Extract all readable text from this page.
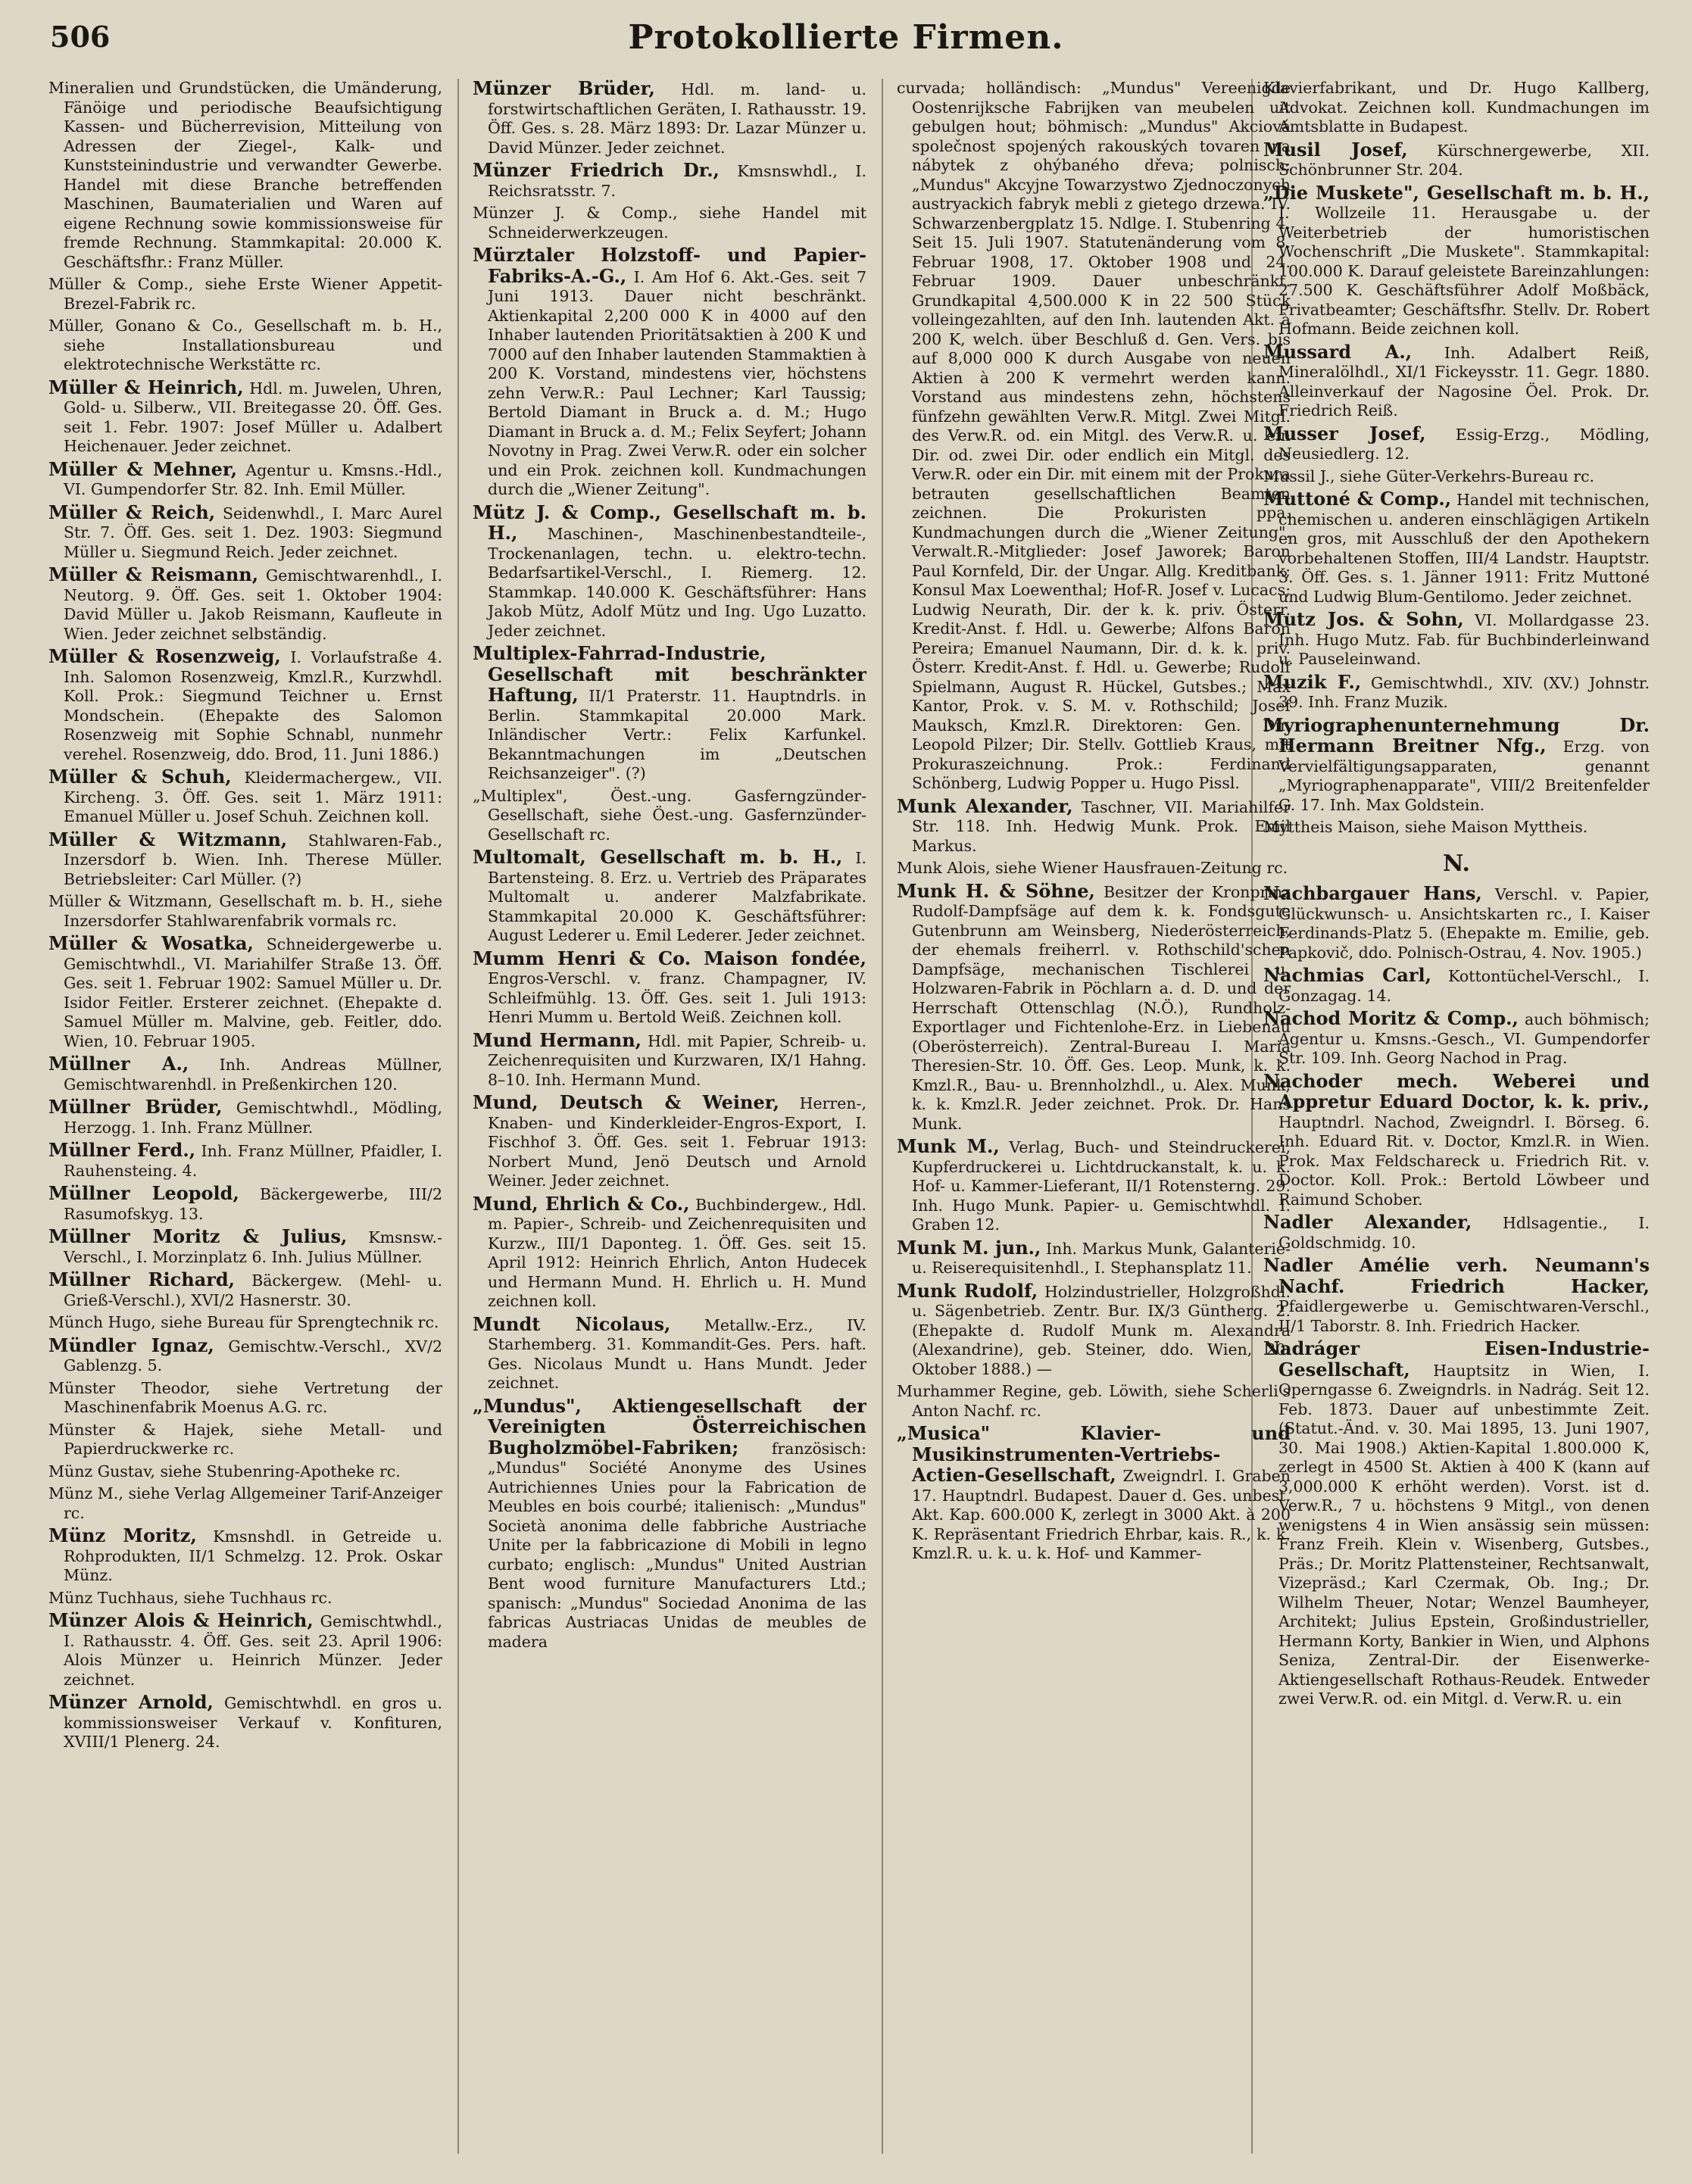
506	Protokollierte Firmen.

Mineralien und Grundstücken, die Umänderung, Fänöige und periodische Beaufsichtigung Kassen- und Bücherrevision, Mitteilung von Adressen der Ziegel-, Kalk- und Kunststeinindustrie und verwandter Gewerbe. Handel mit diese Branche betreffenden Maschinen, Baumaterialien und Waren auf eigene Rechnung sowie kommissionsweise für fremde Rechnung. Stammkapital: 20.000 K. Geschäftsfhr.: Franz Müller.

Müller & Comp., siehe Erste Wiener Appetit-Brezel-Fabrik rc.

Müller, Gonano & Co., Gesellschaft m. b. H., siehe Installationsbureau und elektrotechnische Werkstätte rc.

Müller & Heinrich, Hdl. m. Juwelen, Uhren, Gold- u. Silberw., VII. Breitegasse 20. Öff. Ges. seit 1. Febr. 1907: Josef Müller u. Adalbert Heichenauer. Jeder zeichnet.

Müller & Mehner, Agentur u. Kmsns.-Hdl., VI. Gumpendorfer Str. 82. Inh. Emil Müller.

Müller & Reich, Seidenwhdl., I. Marc Aurel Str. 7. Öff. Ges. seit 1. Dez. 1903: Siegmund Müller u. Siegmund Reich. Jeder zeichnet.

Müller & Reismann, Gemischtwarenhdl., I. Neutorg. 9. Öff. Ges. seit 1. Oktober 1904: David Müller u. Jakob Reismann, Kaufleute in Wien. Jeder zeichnet selbständig.

Müller & Rosenzweig, I. Vorlaufstraße 4. Inh. Salomon Rosenzweig, Kmzl.R., Kurzwhdl. Koll. Prok.: Siegmund Teichner u. Ernst Mondschein. (Ehepakte des Salomon Rosenzweig mit Sophie Schnabl, nunmehr verehel. Rosenzweig, ddo. Brod, 11. Juni 1886.)

Müller & Schuh, Kleidermachergew., VII. Kircheng. 3. Öff. Ges. seit 1. März 1911: Emanuel Müller u. Josef Schuh. Zeichnen koll.

Müller & Witzmann, Stahlwaren-Fab., Inzersdorf b. Wien. Inh. Therese Müller. Betriebsleiter: Carl Müller. (?)

Müller & Witzmann, Gesellschaft m. b. H., siehe Inzersdorfer Stahlwarenfabrik vormals rc.

Müller & Wosatka, Schneidergewerbe u. Gemischtwhdl., VI. Mariahilfer Straße 13. Öff. Ges. seit 1. Februar 1902: Samuel Müller u. Dr. Isidor Feitler. Ersterer zeichnet. (Ehepakte d. Samuel Müller m. Malvine, geb. Feitler, ddo. Wien, 10. Februar 1905.

Müllner A., Inh. Andreas Müllner, Gemischtwarenhdl. in Preßenkirchen 120.

Müllner Brüder, Gemischtwhdl., Mödling, Herzogg. 1. Inh. Franz Müllner.

Müllner Ferd., Inh. Franz Müllner, Pfaidler, I. Rauhensteing. 4.

Müllner Leopold, Bäckergewerbe, III/2 Rasumofskyg. 13.

Müllner Moritz & Julius, Kmsnsw.-Verschl., I. Morzinplatz 6. Inh. Julius Müllner.

Müllner Richard, Bäckergew. (Mehl- u. Grieß-Verschl.), XVI/2 Hasnerstr. 30.

Münch Hugo, siehe Bureau für Sprengtechnik rc.

Mündler Ignaz, Gemischtw.-Verschl., XV/2 Gablenzg. 5.

Münster Theodor, siehe Vertretung der Maschinenfabrik Moenus A.G. rc.

Münster & Hajek, siehe Metall- und Papierdruckwerke rc.

Münz Gustav, siehe Stubenring-Apotheke rc.

Münz M., siehe Verlag Allgemeiner Tarif-Anzeiger rc.

Münz Moritz, Kmsnshdl. in Getreide u. Rohprodukten, II/1 Schmelzg. 12. Prok. Oskar Münz.

Münz Tuchhaus, siehe Tuchhaus rc.

Münzer Alois & Heinrich, Gemischtwhdl., I. Rathausstr. 4. Öff. Ges. seit 23. April 1906: Alois Münzer u. Heinrich Münzer. Jeder zeichnet.

Münzer Arnold, Gemischtwhdl. en gros u. kommissionsweiser Verkauf v. Konfituren, XVIII/1 Plenerg. 24.

Münzer Brüder, Hdl. m. land- u. forstwirtschaftlichen Geräten, I. Rathausstr. 19. Öff. Ges. s. 28. März 1893: Dr. Lazar Münzer u. David Münzer. Jeder zeichnet.

Münzer Friedrich Dr., Kmsnswhdl., I. Reichsratsstr. 7.

Münzer J. & Comp., siehe Handel mit Schneiderwerkzeugen.

Mürztaler Holzstoff- und Papier-Fabriks-A.-G., I. Am Hof 6. Akt.-Ges. seit 7 Juni 1913. Dauer nicht beschränkt. Aktienkapital 2,200 000 K in 4000 auf den Inhaber lautenden Prioritätsaktien à 200 K und 7000 auf den Inhaber lautenden Stammaktien à 200 K. Vorstand, mindestens vier, höchstens zehn Verw.R.: Paul Lechner; Karl Taussig; Bertold Diamant in Bruck a. d. M.; Hugo Diamant in Bruck a. d. M.; Felix Seyfert; Johann Novotny in Prag. Zwei Verw.R. oder ein solcher und ein Prok. zeichnen koll. Kundmachungen durch die „Wiener Zeitung".

Mütz J. & Comp., Gesellschaft m. b. H., Maschinen-, Maschinenbestandteile-, Trockenanlagen, techn. u. elektro-techn. Bedarfsartikel-Verschl., I. Riemerg. 12. Stammkap. 140.000 K. Geschäftsführer: Hans Jakob Mütz, Adolf Mütz und Ing. Ugo Luzatto. Jeder zeichnet.

Multiplex-Fahrrad-Industrie, Gesellschaft mit beschränkter Haftung, II/1 Praterstr. 11. Hauptndrls. in Berlin. Stammkapital 20.000 Mark. Inländischer Vertr.: Felix Karfunkel. Bekanntmachungen im „Deutschen Reichsanzeiger". (?)

„Multiplex", Öest.-ung. Gasferngzünder-Gesellschaft, siehe Öest.-ung. Gasfernzünder-Gesellschaft rc.

Multomalt, Gesellschaft m. b. H., I. Bartensteing. 8. Erz. u. Vertrieb des Präparates Multomalt u. anderer Malzfabrikate. Stammkapital 20.000 K. Geschäftsführer: August Lederer u. Emil Lederer. Jeder zeichnet.

Mumm Henri & Co. Maison fondée, Engros-Verschl. v. franz. Champagner, IV. Schleifmühlg. 13. Öff. Ges. seit 1. Juli 1913: Henri Mumm u. Bertold Weiß. Zeichnen koll.

Mund Hermann, Hdl. mit Papier, Schreib- u. Zeichenrequisiten und Kurzwaren, IX/1 Hahng. 8–10. Inh. Hermann Mund.

Mund, Deutsch & Weiner, Herren-, Knaben- und Kinderkleider-Engros-Export, I. Fischhof 3. Öff. Ges. seit 1. Februar 1913: Norbert Mund, Jenö Deutsch und Arnold Weiner. Jeder zeichnet.

Mund, Ehrlich & Co., Buchbindergew., Hdl. m. Papier-, Schreib- und Zeichenrequisiten und Kurzw., III/1 Daponteg. 1. Öff. Ges. seit 15. April 1912: Heinrich Ehrlich, Anton Hudecek und Hermann Mund. H. Ehrlich u. H. Mund zeichnen koll.

Mundt Nicolaus, Metallw.-Erz., IV. Starhemberg. 31. Kommandit-Ges. Pers. haft. Ges. Nicolaus Mundt u. Hans Mundt. Jeder zeichnet.

„Mundus", Aktiengesellschaft der Vereinigten Österreichischen Bugholzmöbel-Fabriken; französisch: „Mundus" Société Anonyme des Usines Autrichiennes Unies pour la Fabrication de Meubles en bois courbé; italienisch: „Mundus" Società anonima delle fabbriche Austriache Unite per la fabbricazione di Mobili in legno curbato; englisch: „Mundus" United Austrian Bent wood furniture Manufacturers Ltd.; spanisch: „Mundus" Sociedad Anonima de las fabricas Austriacas Unidas de meubles de madera

curvada; holländisch: „Mundus" Vereenigde Oostenrijksche Fabrijken van meubelen uit gebulgen hout; böhmisch: „Mundus" Akciová společnost spojených rakouských tovaren na nábytek z ohýbaného dřeva; polnisch: „Mundus" Akcyjne Towarzystwo Zjednoczonych austryackich fabryk mebli z gietego drzewa. IV. Schwarzenbergplatz 15. Ndlge. I. Stubenring 4. Seit 15. Juli 1907. Statutenänderung vom 8. Februar 1908, 17. Oktober 1908 und 24. Februar 1909. Dauer unbeschränkt. Grundkapital 4,500.000 K in 22 500 Stück volleingezahlten, auf den Inh. lautenden Akt. à 200 K, welch. über Beschluß d. Gen. Vers. bis auf 8,000 000 K durch Ausgabe von neuen Aktien à 200 K vermehrt werden kann. Vorstand aus mindestens zehn, höchstens fünfzehn gewählten Verw.R. Mitgl. Zwei Mitgl. des Verw.R. od. ein Mitgl. des Verw.R. u. ein Dir. od. zwei Dir. oder endlich ein Mitgl. des Verw.R. oder ein Dir. mit einem mit der Prokura betrauten gesellschaftlichen Beamten zeichnen. Die Prokuristen ppa. Kundmachungen durch die „Wiener Zeitung". Verwalt.R.-Mitglieder: Josef Jaworek; Baron Paul Kornfeld, Dir. der Ungar. Allg. Kreditbank; Konsul Max Loewenthal; Hof-R. Josef v. Lucacs; Ludwig Neurath, Dir. der k. k. priv. Österr. Kredit-Anst. f. Hdl. u. Gewerbe; Alfons Baron Pereira; Emanuel Naumann, Dir. d. k. k. priv. Österr. Kredit-Anst. f. Hdl. u. Gewerbe; Rudolf Spielmann, August R. Hückel, Gutsbes.; Max Kantor, Prok. v. S. M. v. Rothschild; Josef Mauksch, Kmzl.R. Direktoren: Gen. Dir. Leopold Pilzer; Dir. Stellv. Gottlieb Kraus, mit Prokuraszeichnung. Prok.: Ferdinand Schönberg, Ludwig Popper u. Hugo Pissl.

Munk Alexander, Taschner, VII. Mariahilfer Str. 118. Inh. Hedwig Munk. Prok. Emil Markus.

Munk Alois, siehe Wiener Hausfrauen-Zeitung rc.

Munk H. & Söhne, Besitzer der Kronprinz Rudolf-Dampfsäge auf dem k. k. Fondsgute Gutenbrunn am Weinsberg, Niederösterreich, der ehemals freiherrl. v. Rothschild'schen Dampfsäge, mechanischen Tischlerei u. Holzwaren-Fabrik in Pöchlarn a. d. D. und der Herrschaft Ottenschlag (N.Ö.), Rundholz-Exportlager und Fichtenlohe-Erz. in Liebenau (Oberösterreich). Zentral-Bureau I. Maria Theresien-Str. 10. Öff. Ges. Leop. Munk, k. k. Kmzl.R., Bau- u. Brennholzhdl., u. Alex. Munk, k. k. Kmzl.R. Jeder zeichnet. Prok. Dr. Hans Munk.

Munk M., Verlag, Buch- und Steindruckerei, Kupferdruckerei u. Lichtdruckanstalt, k. u. k. Hof- u. Kammer-Lieferant, II/1 Rotensterng. 29. Inh. Hugo Munk. Papier- u. Gemischtwhdl. I. Graben 12.

Munk M. jun., Inh. Markus Munk, Galanterie- u. Reiserequisitenhdl., I. Stephansplatz 11.

Munk Rudolf, Holzindustrieller, Holzgroßhdl. u. Sägenbetrieb. Zentr. Bur. IX/3 Güntherg. 2. (Ehepakte d. Rudolf Munk m. Alexandra (Alexandrine), geb. Steiner, ddo. Wien, 20. Oktober 1888.) —

Murhammer Regine, geb. Löwith, siehe Scherli's Anton Nachf. rc.

„Musica" Klavier- und Musikinstrumenten-Vertriebs-Actien-Gesellschaft, Zweigndrl. I. Graben 17. Hauptndrl. Budapest. Dauer d. Ges. unbest. Akt. Kap. 600.000 K, zerlegt in 3000 Akt. à 200 K. Repräsentant Friedrich Ehrbar, kais. R., k. k. Kmzl.R. u. k. u. k. Hof- und Kammer-

Klavierfabrikant, und Dr. Hugo Kallberg, Advokat. Zeichnen koll. Kundmachungen im Amtsblatte in Budapest.

Musil Josef, Kürschnergewerbe, XII. Schönbrunner Str. 204.

„Die Muskete", Gesellschaft m. b. H., I. Wollzeile 11. Herausgabe u. der Weiterbetrieb der humoristischen Wochenschrift „Die Muskete". Stammkapital: 100.000 K. Darauf geleistete Bareinzahlungen: 27.500 K. Geschäftsführer Adolf Moßbäck, Privatbeamter; Geschäftsfhr. Stellv. Dr. Robert Hofmann. Beide zeichnen koll.

Mussard A., Inh. Adalbert Reiß, Mineralölhdl., XI/1 Fickeysstr. 11. Gegr. 1880. Alleinverkauf der Nagosine Öel. Prok. Dr. Friedrich Reiß.

Musser Josef, Essig-Erzg., Mödling, Neusiedlerg. 12.

Mussil J., siehe Güter-Verkehrs-Bureau rc.

Muttoné & Comp., Handel mit technischen, chemischen u. anderen einschlägigen Artikeln en gros, mit Ausschluß der den Apothekern vorbehaltenen Stoffen, III/4 Landstr. Hauptstr. 3. Öff. Ges. s. 1. Jänner 1911: Fritz Muttoné und Ludwig Blum-Gentilomo. Jeder zeichnet.

Mutz Jos. & Sohn, VI. Mollardgasse 23. Inh. Hugo Mutz. Fab. für Buchbinderleinwand u. Pauseleinwand.

Muzik F., Gemischtwhdl., XIV. (XV.) Johnstr. 39. Inh. Franz Muzik.

Myriographenunternehmung Dr. Hermann Breitner Nfg., Erzg. von Vervielfältigungsapparaten, genannt „Myriographenapparate", VIII/2 Breitenfelder G. 17. Inh. Max Goldstein.

Myttheis Maison, siehe Maison Myttheis.

N.

Nachbargauer Hans, Verschl. v. Papier, Glückwunsch- u. Ansichtskarten rc., I. Kaiser Ferdinands-Platz 5. (Ehepakte m. Emilie, geb. Papkovič, ddo. Polnisch-Ostrau, 4. Nov. 1905.)

Nachmias Carl, Kottontüchel-Verschl., I. Gonzagag. 14.

Nachod Moritz & Comp., auch böhmisch; Agentur u. Kmsns.-Gesch., VI. Gumpendorfer Str. 109. Inh. Georg Nachod in Prag.

Nachoder mech. Weberei und Appretur Eduard Doctor, k. k. priv., Hauptndrl. Nachod, Zweigndrl. I. Börseg. 6. Inh. Eduard Rit. v. Doctor, Kmzl.R. in Wien. Prok. Max Feldschareck u. Friedrich Rit. v. Doctor. Koll. Prok.: Bertold Löwbeer und Raimund Schober.

Nadler Alexander, Hdlsagentie., I. Goldschmidg. 10.

Nadler Amélie verh. Neumann's Nachf. Friedrich Hacker, Pfaidlergewerbe u. Gemischtwaren-Verschl., II/1 Taborstr. 8. Inh. Friedrich Hacker.

Nadráger Eisen-Industrie-Gesellschaft, Hauptsitz in Wien, I. Operngasse 6. Zweigndrls. in Nadrág. Seit 12. Feb. 1873. Dauer auf unbestimmte Zeit. (Statut.-Änd. v. 30. Mai 1895, 13. Juni 1907, 30. Mai 1908.) Aktien-Kapital 1.800.000 K, zerlegt in 4500 St. Aktien à 400 K (kann auf 3,000.000 K erhöht werden). Vorst. ist d. Verw.R., 7 u. höchstens 9 Mitgl., von denen wenigstens 4 in Wien ansässig sein müssen: Franz Freih. Klein v. Wisenberg, Gutsbes., Präs.; Dr. Moritz Plattensteiner, Rechtsanwalt, Vizepräsd.; Karl Czermak, Ob. Ing.; Dr. Wilhelm Theuer, Notar; Wenzel Baumheyer, Architekt; Julius Epstein, Großindustrieller, Hermann Korty, Bankier in Wien, und Alphons Seniza, Zentral-Dir. der Eisenwerke-Aktiengesellschaft Rothaus-Reudek. Entweder zwei Verw.R. od. ein Mitgl. d. Verw.R. u. ein
